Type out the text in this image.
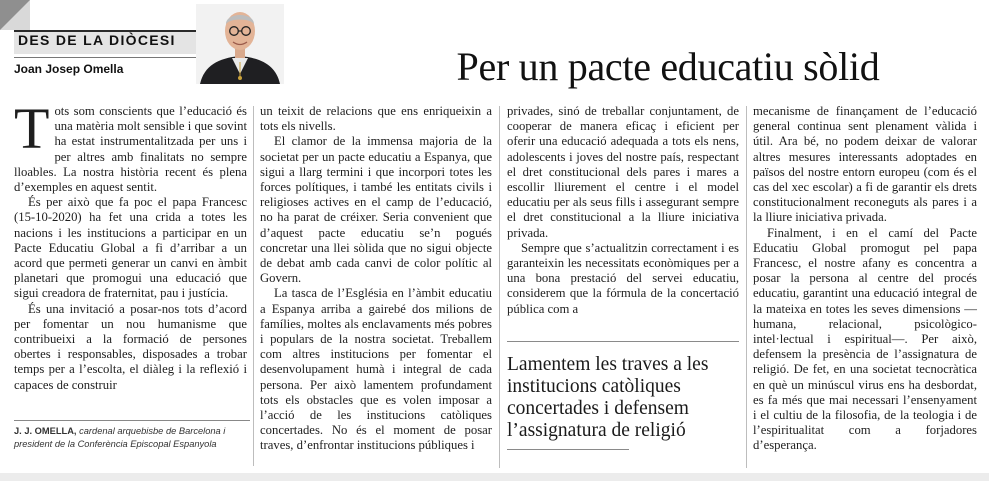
DES DE LA DIÒCESI
Joan Josep Omella	Per un pacte educatiu sòlid

Tots som conscients que l’educació és una matèria molt sensible i que sovint ha estat instrumentalitzada per uns i per altres amb finalitats no sempre lloables. La nostra història recent és plena d’exemples en aquest sentit.

És per això que fa poc el papa Francesc (15-10-2020) ha fet una crida a totes les nacions i les institucions a participar en un Pacte Educatiu Global a fi d’arribar a un acord que permeti generar un canvi en àmbit planetari que promogui una educació que sigui creadora de fraternitat, pau i justícia.

És una invitació a posar-nos tots d’acord per fomentar un nou humanisme que contribueixi a la formació de persones obertes i responsables, disposades a trobar temps per a l’escolta, el diàleg i la reflexió i capaces de construir

un teixit de relacions que ens enriqueixin a tots els nivells.

El clamor de la immensa majoria de la societat per un pacte educatiu a Espanya, que sigui a llarg termini i que incorpori totes les forces polítiques, i també les entitats civils i religioses actives en el camp de l’educació, no ha parat de créixer. Seria convenient que d’aquest pacte educatiu se’n pogués concretar una llei sòlida que no sigui objecte de debat amb cada canvi de color polític al Govern.

La tasca de l’Església en l’àmbit educatiu a Espanya arriba a gairebé dos milions de famílies, moltes als enclavaments més pobres i populars de la nostra societat. Treballem com altres institucions per fomentar el desenvolupament humà i integral de cada persona. Per això lamentem profundament tots els obstacles que es volen imposar a l’acció de les institucions catòliques concertades. No és el moment de posar traves, d’enfrontar institucions públiques i

privades, sinó de treballar conjuntament, de cooperar de manera eficaç i eficient per oferir una educació adequada a tots els nens, adolescents i joves del nostre país, respectant el dret constitucional dels pares i mares a escollir lliurement el centre i el model educatiu per als seus fills i assegurant sempre el dret constitucional a la lliure iniciativa privada.

Sempre que s’actualitzin correctament i es garanteixin les necessitats econòmiques per a una bona prestació del servei educatiu, considerem que la fórmula de la concertació pública com a

mecanisme de finançament de l’educació general continua sent plenament vàlida i útil. Ara bé, no podem deixar de valorar altres mesures interessants adoptades en països del nostre entorn europeu (com és el cas del xec escolar) a fi de garantir els drets constitucionalment reconeguts als pares i a la lliure iniciativa privada.

Finalment, i en el camí del Pacte Educatiu Global promogut pel papa Francesc, el nostre afany es concentra a posar la persona al centre del procés educatiu, garantint una educació integral de la mateixa en totes les seves dimensions —humana, relacional, psicològico-intel·lectual i espiritual—. Per això, defensem la presència de l’assignatura de religió. De fet, en una societat tecnocràtica en què un minúscul virus ens ha desbordat, es fa més que mai necessari l’ensenyament i el cultiu de la filosofia, de la teologia i de l’espiritualitat com a forjadores d’esperança.

J. J. OMELLA, cardenal arquebisbe de Barcelona i president de la Conferència Episcopal Espanyola
Lamentem les traves a les institucions catòliques concertades i defensem l’assignatura de religió
